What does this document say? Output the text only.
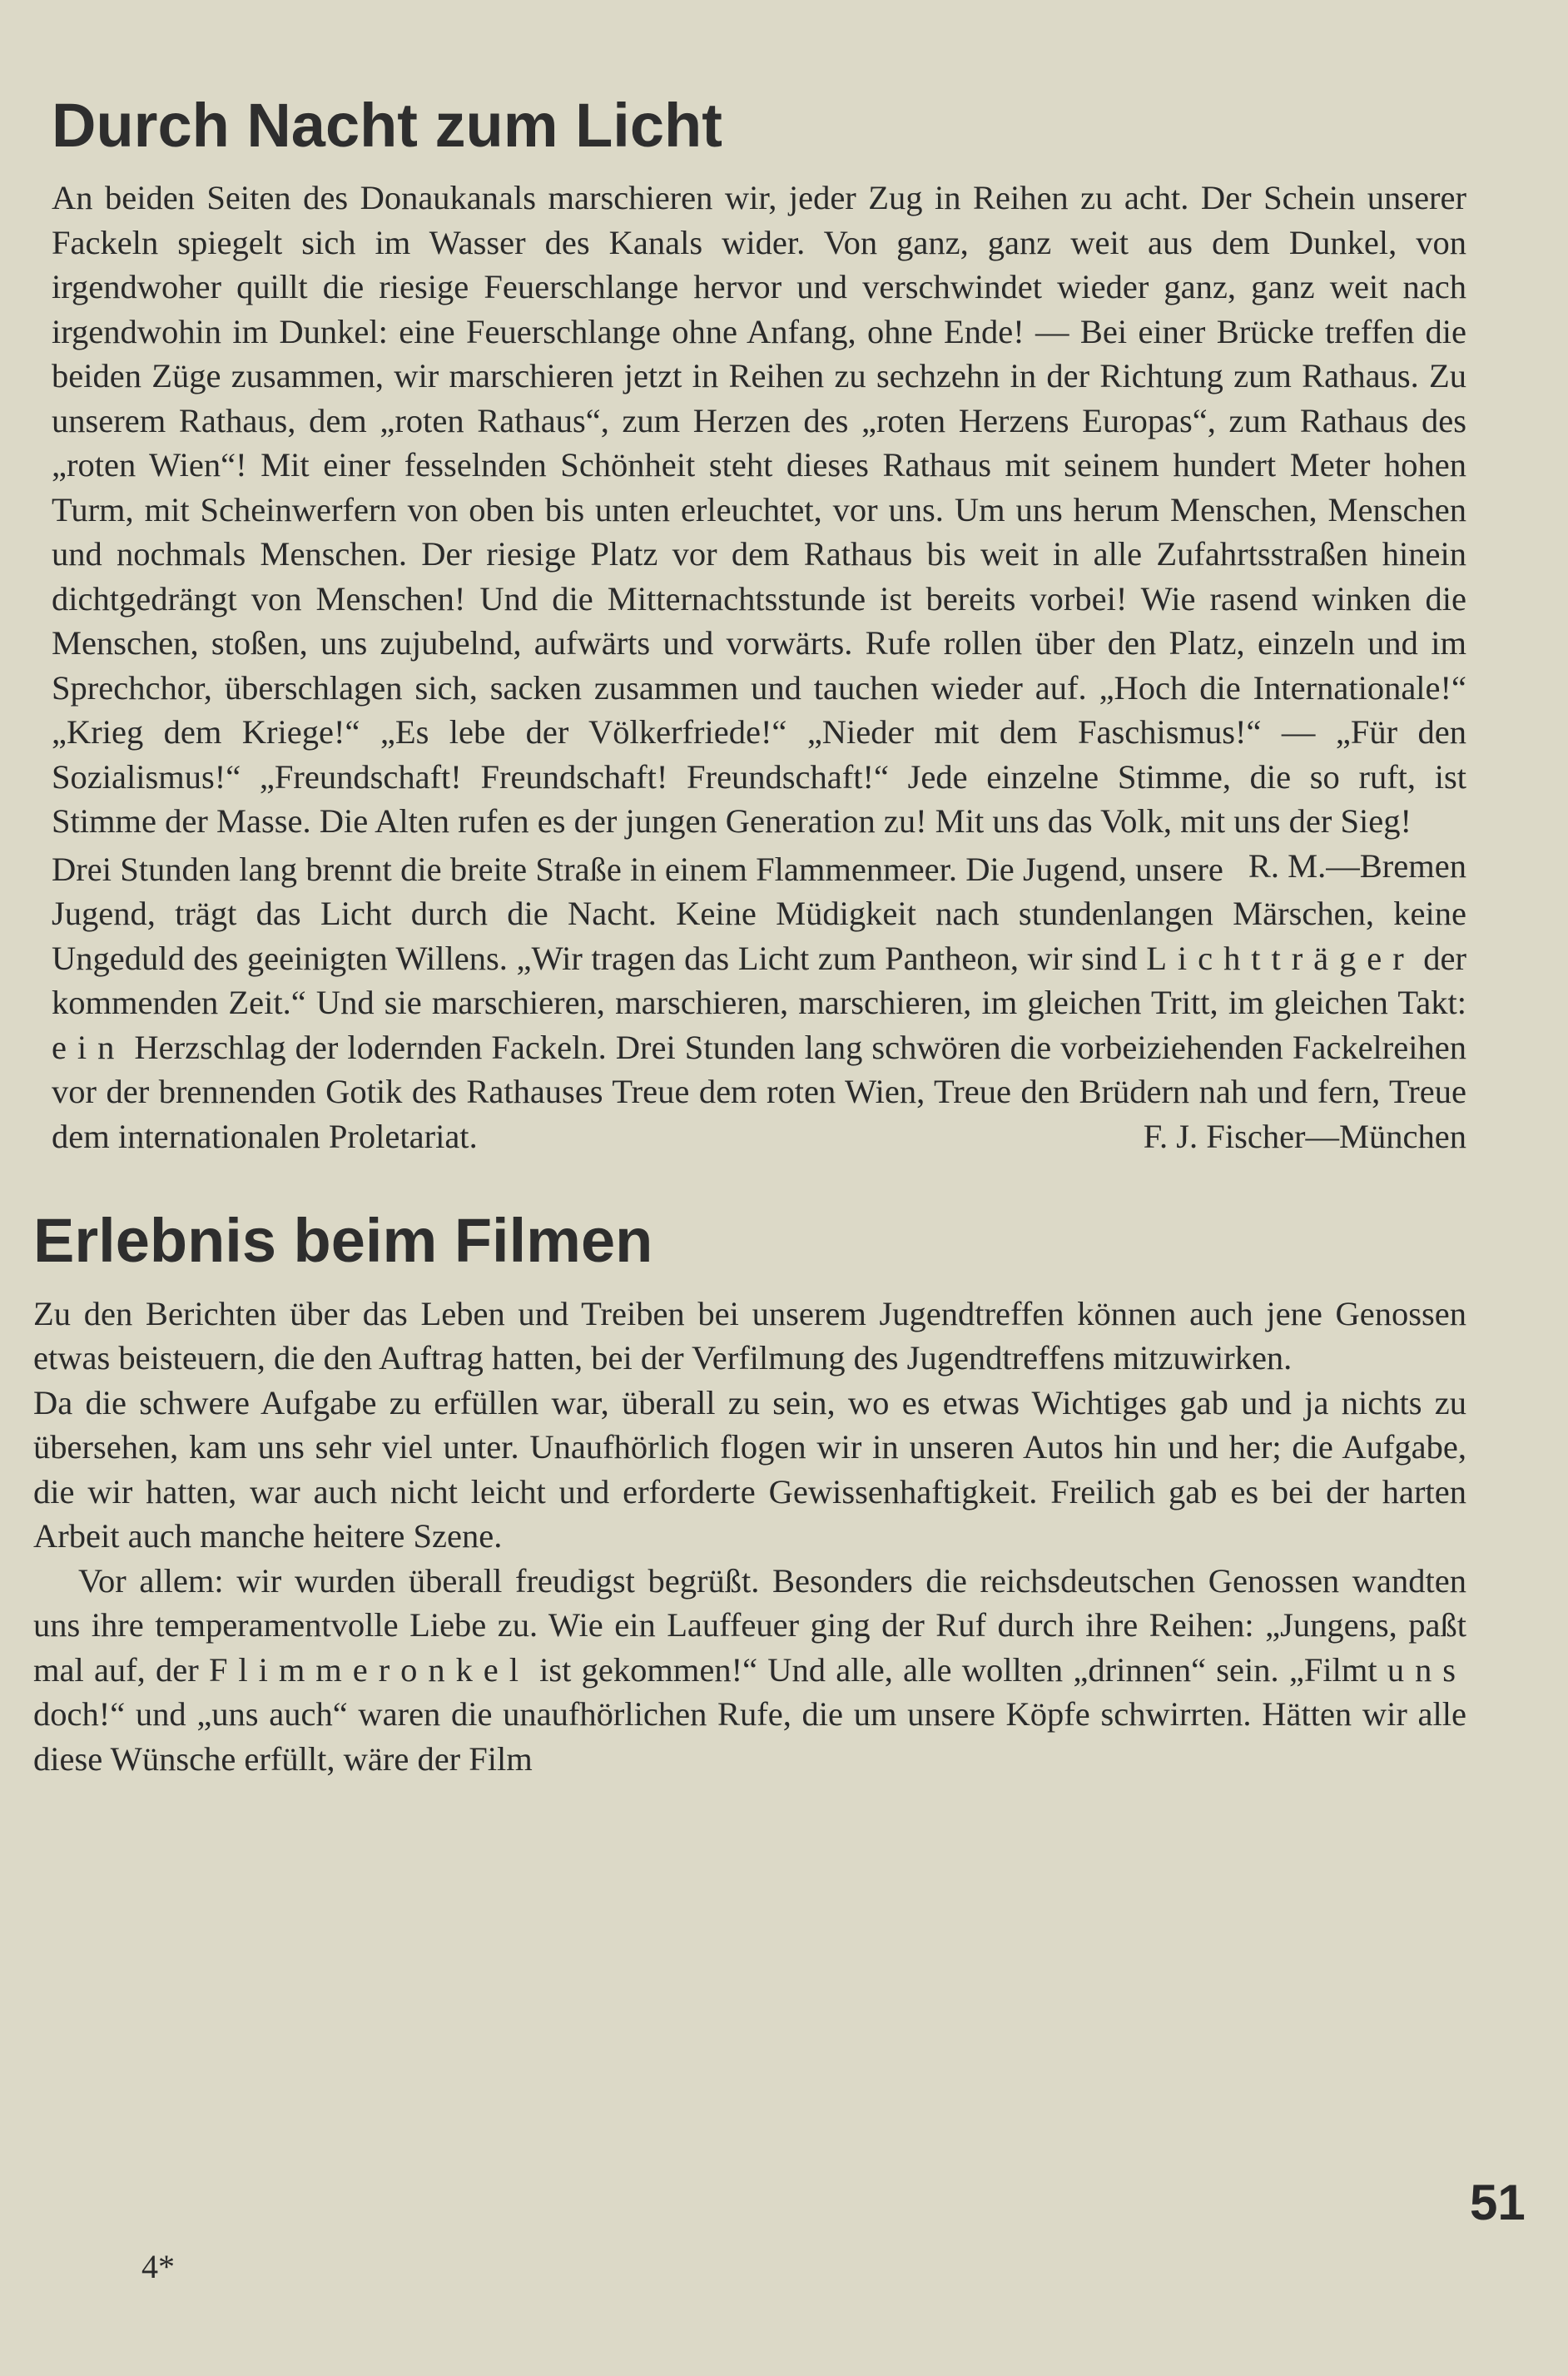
Durch Nacht zum Licht

An beiden Seiten des Donaukanals marschieren wir, jeder Zug in Reihen zu acht. Der Schein unserer Fackeln spiegelt sich im Wasser des Kanals wider. Von ganz, ganz weit aus dem Dunkel, von irgendwoher quillt die riesige Feuerschlange hervor und verschwindet wieder ganz, ganz weit nach irgendwohin im Dunkel: eine Feuerschlange ohne Anfang, ohne Ende! — Bei einer Brücke treffen die beiden Züge zusammen, wir marschieren jetzt in Reihen zu sechzehn in der Richtung zum Rathaus. Zu unserem Rathaus, dem „roten Rathaus“, zum Herzen des „roten Herzens Europas“, zum Rathaus des „roten Wien“! Mit einer fesselnden Schönheit steht dieses Rathaus mit seinem hundert Meter hohen Turm, mit Scheinwerfern von oben bis unten erleuchtet, vor uns. Um uns herum Menschen, Menschen und nochmals Menschen. Der riesige Platz vor dem Rathaus bis weit in alle Zufahrtsstraßen hinein dichtgedrängt von Menschen! Und die Mitternachtsstunde ist bereits vorbei! Wie rasend winken die Menschen, stoßen, uns zujubelnd, aufwärts und vorwärts. Rufe rollen über den Platz, einzeln und im Sprechchor, überschlagen sich, sacken zusammen und tauchen wieder auf. „Hoch die Internationale!“ „Krieg dem Kriege!“ „Es lebe der Völkerfriede!“ „Nieder mit dem Faschismus!“ — „Für den Sozialismus!“ „Freundschaft! Freundschaft! Freundschaft!“ Jede einzelne Stimme, die so ruft, ist Stimme der Masse. Die Alten rufen es der jungen Generation zu! Mit uns das Volk, mit uns der Sieg!
R. M.—Bremen

Drei Stunden lang brennt die breite Straße in einem Flammenmeer. Die Jugend, unsere Jugend, trägt das Licht durch die Nacht. Keine Müdigkeit nach stundenlangen Märschen, keine Ungeduld des geeinigten Willens. „Wir tragen das Licht zum Pantheon, wir sind Lichtträger der kommenden Zeit.“ Und sie marschieren, marschieren, marschieren, im gleichen Tritt, im gleichen Takt: ein Herzschlag der lodernden Fackeln. Drei Stunden lang schwören die vorbeiziehenden Fackelreihen vor der brennenden Gotik des Rathauses Treue dem roten Wien, Treue den Brüdern nah und fern, Treue dem internationalen Proletariat.	F. J. Fischer—München

Erlebnis beim Filmen

Zu den Berichten über das Leben und Treiben bei unserem Jugendtreffen können auch jene Genossen etwas beisteuern, die den Auftrag hatten, bei der Verfilmung des Jugendtreffens mitzuwirken.

Da die schwere Aufgabe zu erfüllen war, überall zu sein, wo es etwas Wichtiges gab und ja nichts zu übersehen, kam uns sehr viel unter. Unaufhörlich flogen wir in unseren Autos hin und her; die Aufgabe, die wir hatten, war auch nicht leicht und erforderte Gewissenhaftigkeit. Freilich gab es bei der harten Arbeit auch manche heitere Szene.

Vor allem: wir wurden überall freudigst begrüßt. Besonders die reichsdeutschen Genossen wandten uns ihre temperamentvolle Liebe zu. Wie ein Lauffeuer ging der Ruf durch ihre Reihen: „Jungens, paßt mal auf, der Flimmeronkel ist gekommen!“ Und alle, alle wollten „drinnen“ sein. „Filmt uns doch!“ und „uns auch“ waren die unaufhörlichen Rufe, die um unsere Köpfe schwirrten. Hätten wir alle diese Wünsche erfüllt, wäre der Film

51
4*
